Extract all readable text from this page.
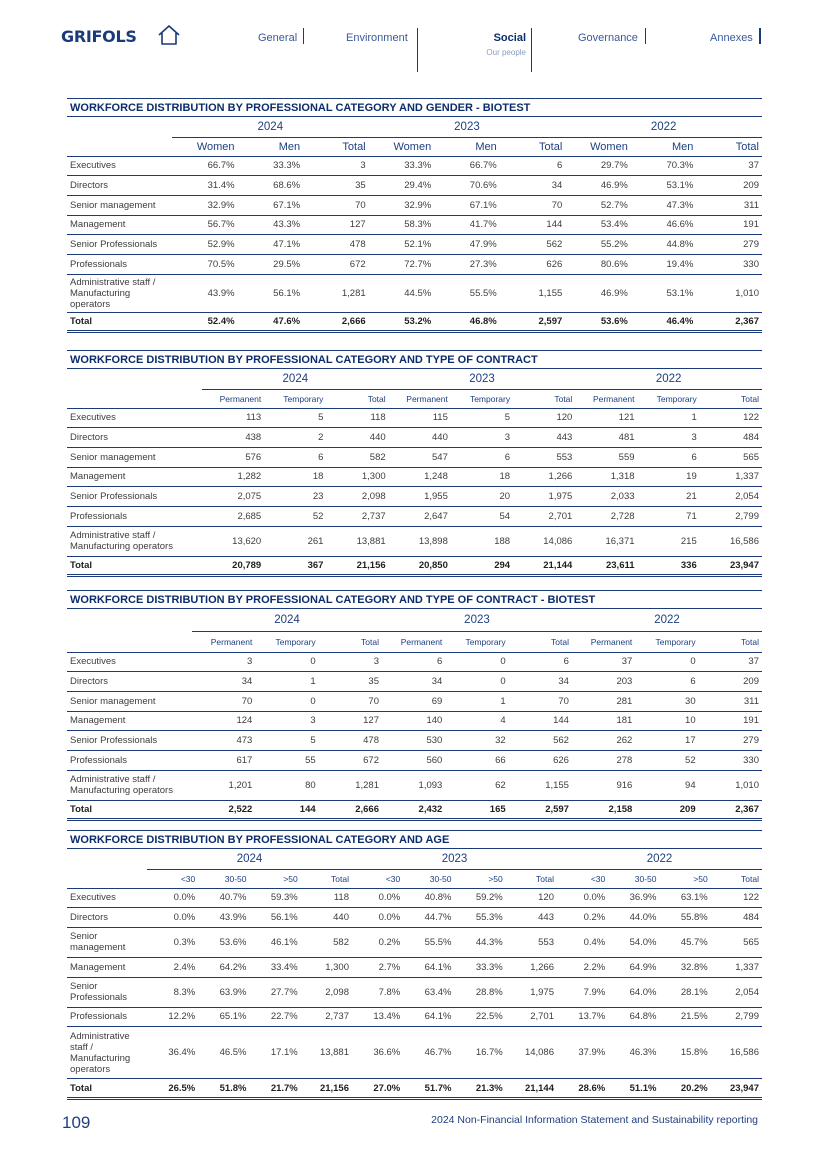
GRIFOLS	General	Environment	Social
Our people
Governance	Annexes
WORKFORCE DISTRIBUTION BY PROFESSIONAL CATEGORY AND GENDER - BIOTEST
	2024			2023			2022		
	Women	Men	Total	Women	Men	Total	Women	Men	Total
Executives	66.7%	33.3%	3	33.3%	66.7%	6	29.7%	70.3%	37
Directors	31.4%	68.6%	35	29.4%	70.6%	34	46.9%	53.1%	209
Senior management	32.9%	67.1%	70	32.9%	67.1%	70	52.7%	47.3%	311
Management	56.7%	43.3%	127	58.3%	41.7%	144	53.4%	46.6%	191
Senior Professionals	52.9%	47.1%	478	52.1%	47.9%	562	55.2%	44.8%	279
Professionals	70.5%	29.5%	672	72.7%	27.3%	626	80.6%	19.4%	330
Administrative staff / Manufacturing operators	43.9%	56.1%	1,281	44.5%	55.5%	1,155	46.9%	53.1%	1,010
Total	52.4%	47.6%	2,666	53.2%	46.8%	2,597	53.6%	46.4%	2,367
WORKFORCE DISTRIBUTION BY PROFESSIONAL CATEGORY AND TYPE OF CONTRACT
	2024			2023			2022		
	Permanent	Temporary	Total	Permanent	Temporary	Total	Permanent	Temporary	Total
Executives	113	5	118	115	5	120	121	1	122
Directors	438	2	440	440	3	443	481	3	484
Senior management	576	6	582	547	6	553	559	6	565
Management	1,282	18	1,300	1,248	18	1,266	1,318	19	1,337
Senior Professionals	2,075	23	2,098	1,955	20	1,975	2,033	21	2,054
Professionals	2,685	52	2,737	2,647	54	2,701	2,728	71	2,799
Administrative staff / Manufacturing operators	13,620	261	13,881	13,898	188	14,086	16,371	215	16,586
Total	20,789	367	21,156	20,850	294	21,144	23,611	336	23,947
WORKFORCE DISTRIBUTION BY PROFESSIONAL CATEGORY AND TYPE OF CONTRACT - BIOTEST
	2024			2023			2022		
	Permanent	Temporary	Total	Permanent	Temporary	Total	Permanent	Temporary	Total
Executives	3	0	3	6	0	6	37	0	37
Directors	34	1	35	34	0	34	203	6	209
Senior management	70	0	70	69	1	70	281	30	311
Management	124	3	127	140	4	144	181	10	191
Senior Professionals	473	5	478	530	32	562	262	17	279
Professionals	617	55	672	560	66	626	278	52	330
Administrative staff / Manufacturing operators	1,201	80	1,281	1,093	62	1,155	916	94	1,010
Total	2,522	144	2,666	2,432	165	2,597	2,158	209	2,367
WORKFORCE DISTRIBUTION BY PROFESSIONAL CATEGORY AND AGE
	2024				2023				2022			
	<30	30-50	>50	Total	<30	30-50	>50	Total	<30	30-50	>50	Total
Executives	0.0%	40.7%	59.3%	118	0.0%	40.8%	59.2%	120	0.0%	36.9%	63.1%	122
Directors	0.0%	43.9%	56.1%	440	0.0%	44.7%	55.3%	443	0.2%	44.0%	55.8%	484
Senior management	0.3%	53.6%	46.1%	582	0.2%	55.5%	44.3%	553	0.4%	54.0%	45.7%	565
Management	2.4%	64.2%	33.4%	1,300	2.7%	64.1%	33.3%	1,266	2.2%	64.9%	32.8%	1,337
Senior Professionals	8.3%	63.9%	27.7%	2,098	7.8%	63.4%	28.8%	1,975	7.9%	64.0%	28.1%	2,054
Professionals	12.2%	65.1%	22.7%	2,737	13.4%	64.1%	22.5%	2,701	13.7%	64.8%	21.5%	2,799
Administrative staff / Manufacturing operators	36.4%	46.5%	17.1%	13,881	36.6%	46.7%	16.7%	14,086	37.9%	46.3%	15.8%	16,586
Total	26.5%	51.8%	21.7%	21,156	27.0%	51.7%	21.3%	21,144	28.6%	51.1%	20.2%	23,947
109	2024 Non-Financial Information Statement and Sustainability reporting
